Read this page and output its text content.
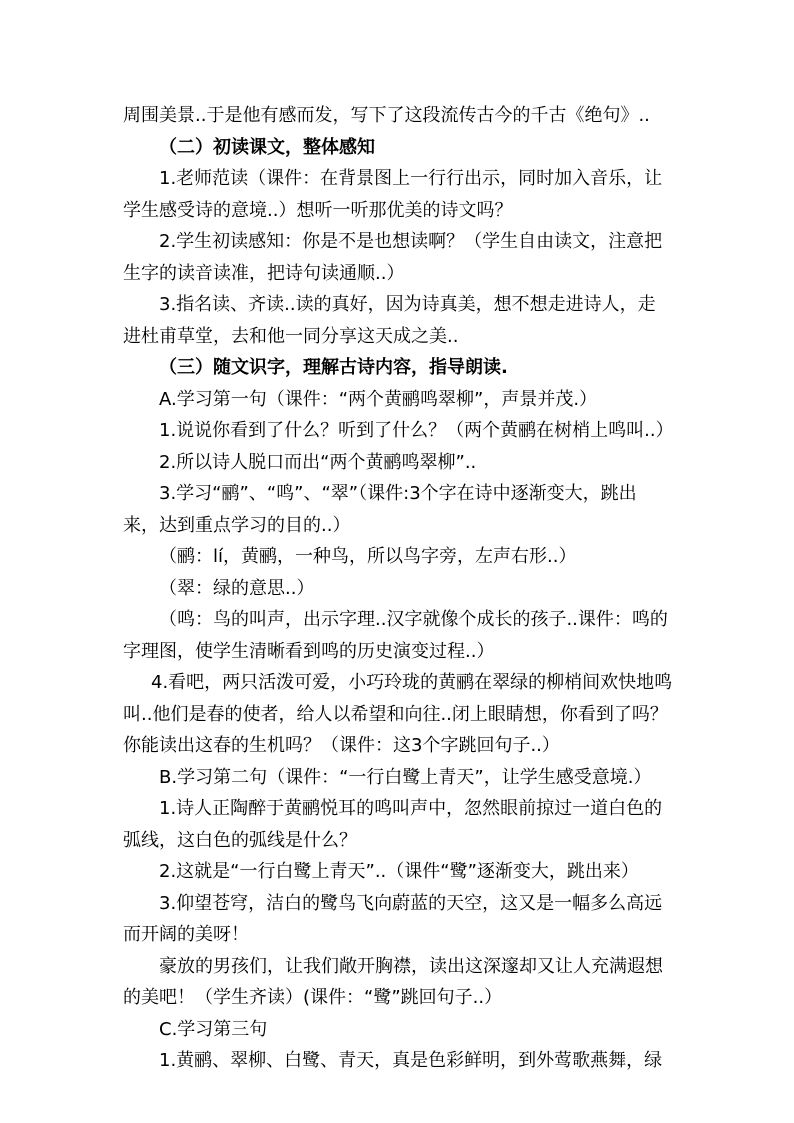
周围美景..于是他有感而发，写下了这段流传古今的千古《绝句》..
（二）初读课文，整体感知
1.老师范读（课件：在背景图上一行行出示，同时加入音乐，让
学生感受诗的意境..）想听一听那优美的诗文吗？
2.学生初读感知：你是不是也想读啊？（学生自由读文，注意把
生字的读音读准，把诗句读通顺..）
3.指名读、齐读..读的真好，因为诗真美，想不想走进诗人，走
进杜甫草堂，去和他一同分享这天成之美..
（三）随文识字，理解古诗内容，指导朗读.
A.学习第一句（课件：“两个黄鹂鸣翠柳”，声景并茂.）
1.说说你看到了什么？听到了什么？（两个黄鹂在树梢上鸣叫..）
2.所以诗人脱口而出“两个黄鹂鸣翠柳”..
3.学习“鹂”、“鸣”、“翠”（课件:3个字在诗中逐渐变大，跳出
来，达到重点学习的目的..）
（鹂：lí，黄鹂，一种鸟，所以鸟字旁，左声右形..）
（翠：绿的意思..）
（鸣：鸟的叫声，出示字理..汉字就像个成长的孩子..课件：鸣的
字理图，使学生清晰看到鸣的历史演变过程..）
4.看吧，两只活泼可爱，小巧玲珑的黄鹂在翠绿的柳梢间欢快地鸣
叫..他们是春的使者，给人以希望和向往..闭上眼睛想，你看到了吗？
你能读出这春的生机吗？（课件：这3个字跳回句子..）
B.学习第二句（课件：“一行白鹭上青天”，让学生感受意境.）
1.诗人正陶醉于黄鹂悦耳的鸣叫声中，忽然眼前掠过一道白色的
弧线，这白色的弧线是什么？
2.这就是“一行白鹭上青天”..（课件“鹭”逐渐变大，跳出来）
3.仰望苍穹，洁白的鹭鸟飞向蔚蓝的天空，这又是一幅多么高远
而开阔的美呀！
豪放的男孩们，让我们敞开胸襟，读出这深邃却又让人充满遐想
的美吧！（学生齐读）(课件：“鹭”跳回句子..）
C.学习第三句
1.黄鹂、翠柳、白鹭、青天，真是色彩鲜明，到外莺歌燕舞，绿
